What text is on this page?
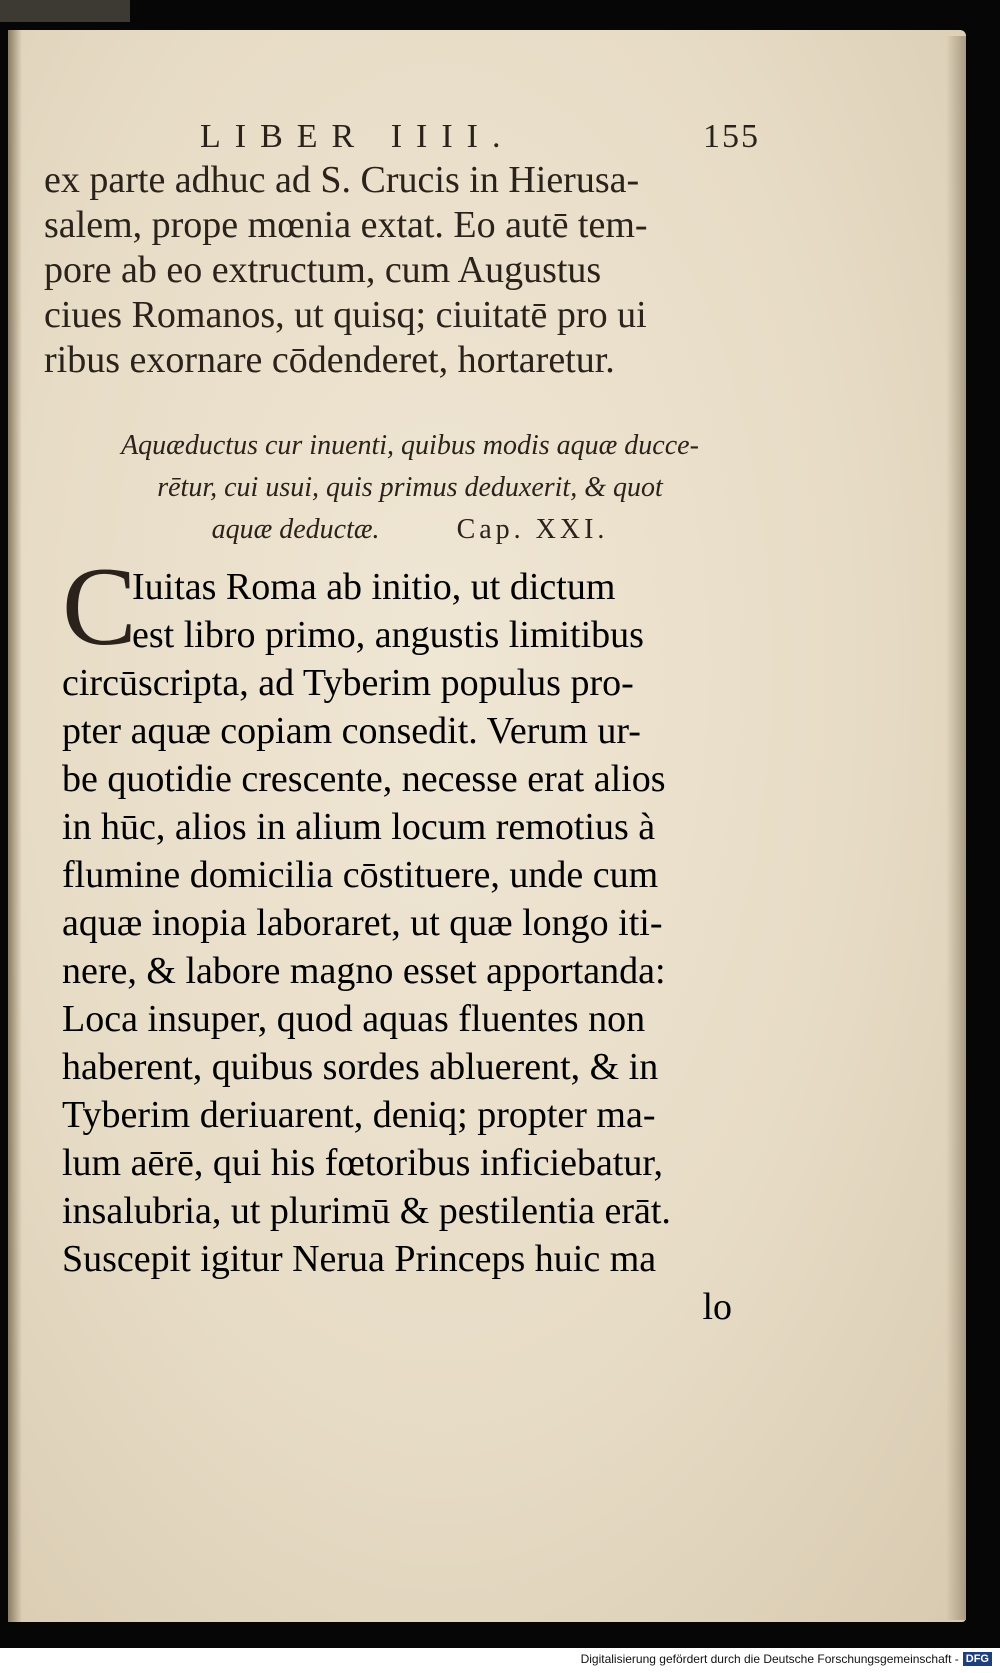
LIBER IIII.	155
ex parte adhuc ad S. Crucis in Hierusa-
salem, prope mœnia extat. Eo autē tem-
pore ab eo extructum, cum Augustus
ciues Romanos, ut quisq; ciuitatē pro ui
ribus exornare cōdenderet, hortaretur.
Aquæductus cur inuenti, quibus modis aquæ ducce-
rētur, cui usui, quis primus deduxerit, & quot
aquæ deductæ.	Cap. XXI.
C
Iuitas Roma ab initio, ut dictum
est libro primo, angustis limitibus
circūscripta, ad Tyberim populus pro-
pter aquæ copiam consedit. Verum ur-
be quotidie crescente, necesse erat alios
in hūc, alios in alium locum remotius à
flumine domicilia cōstituere, unde cum
aquæ inopia laboraret, ut quæ longo iti-
nere, & labore magno esset apportanda:
Loca insuper, quod aquas fluentes non
haberent, quibus sordes abluerent, & in
Tyberim deriuarent, deniq; propter ma-
lum aērē, qui his fœtoribus inficiebatur,
insalubria, ut plurimū & pestilentia erāt.
Suscepit igitur Nerua Princeps huic ma
lo
Digitalisierung gefördert durch die Deutsche Forschungsgemeinschaft - DFG
